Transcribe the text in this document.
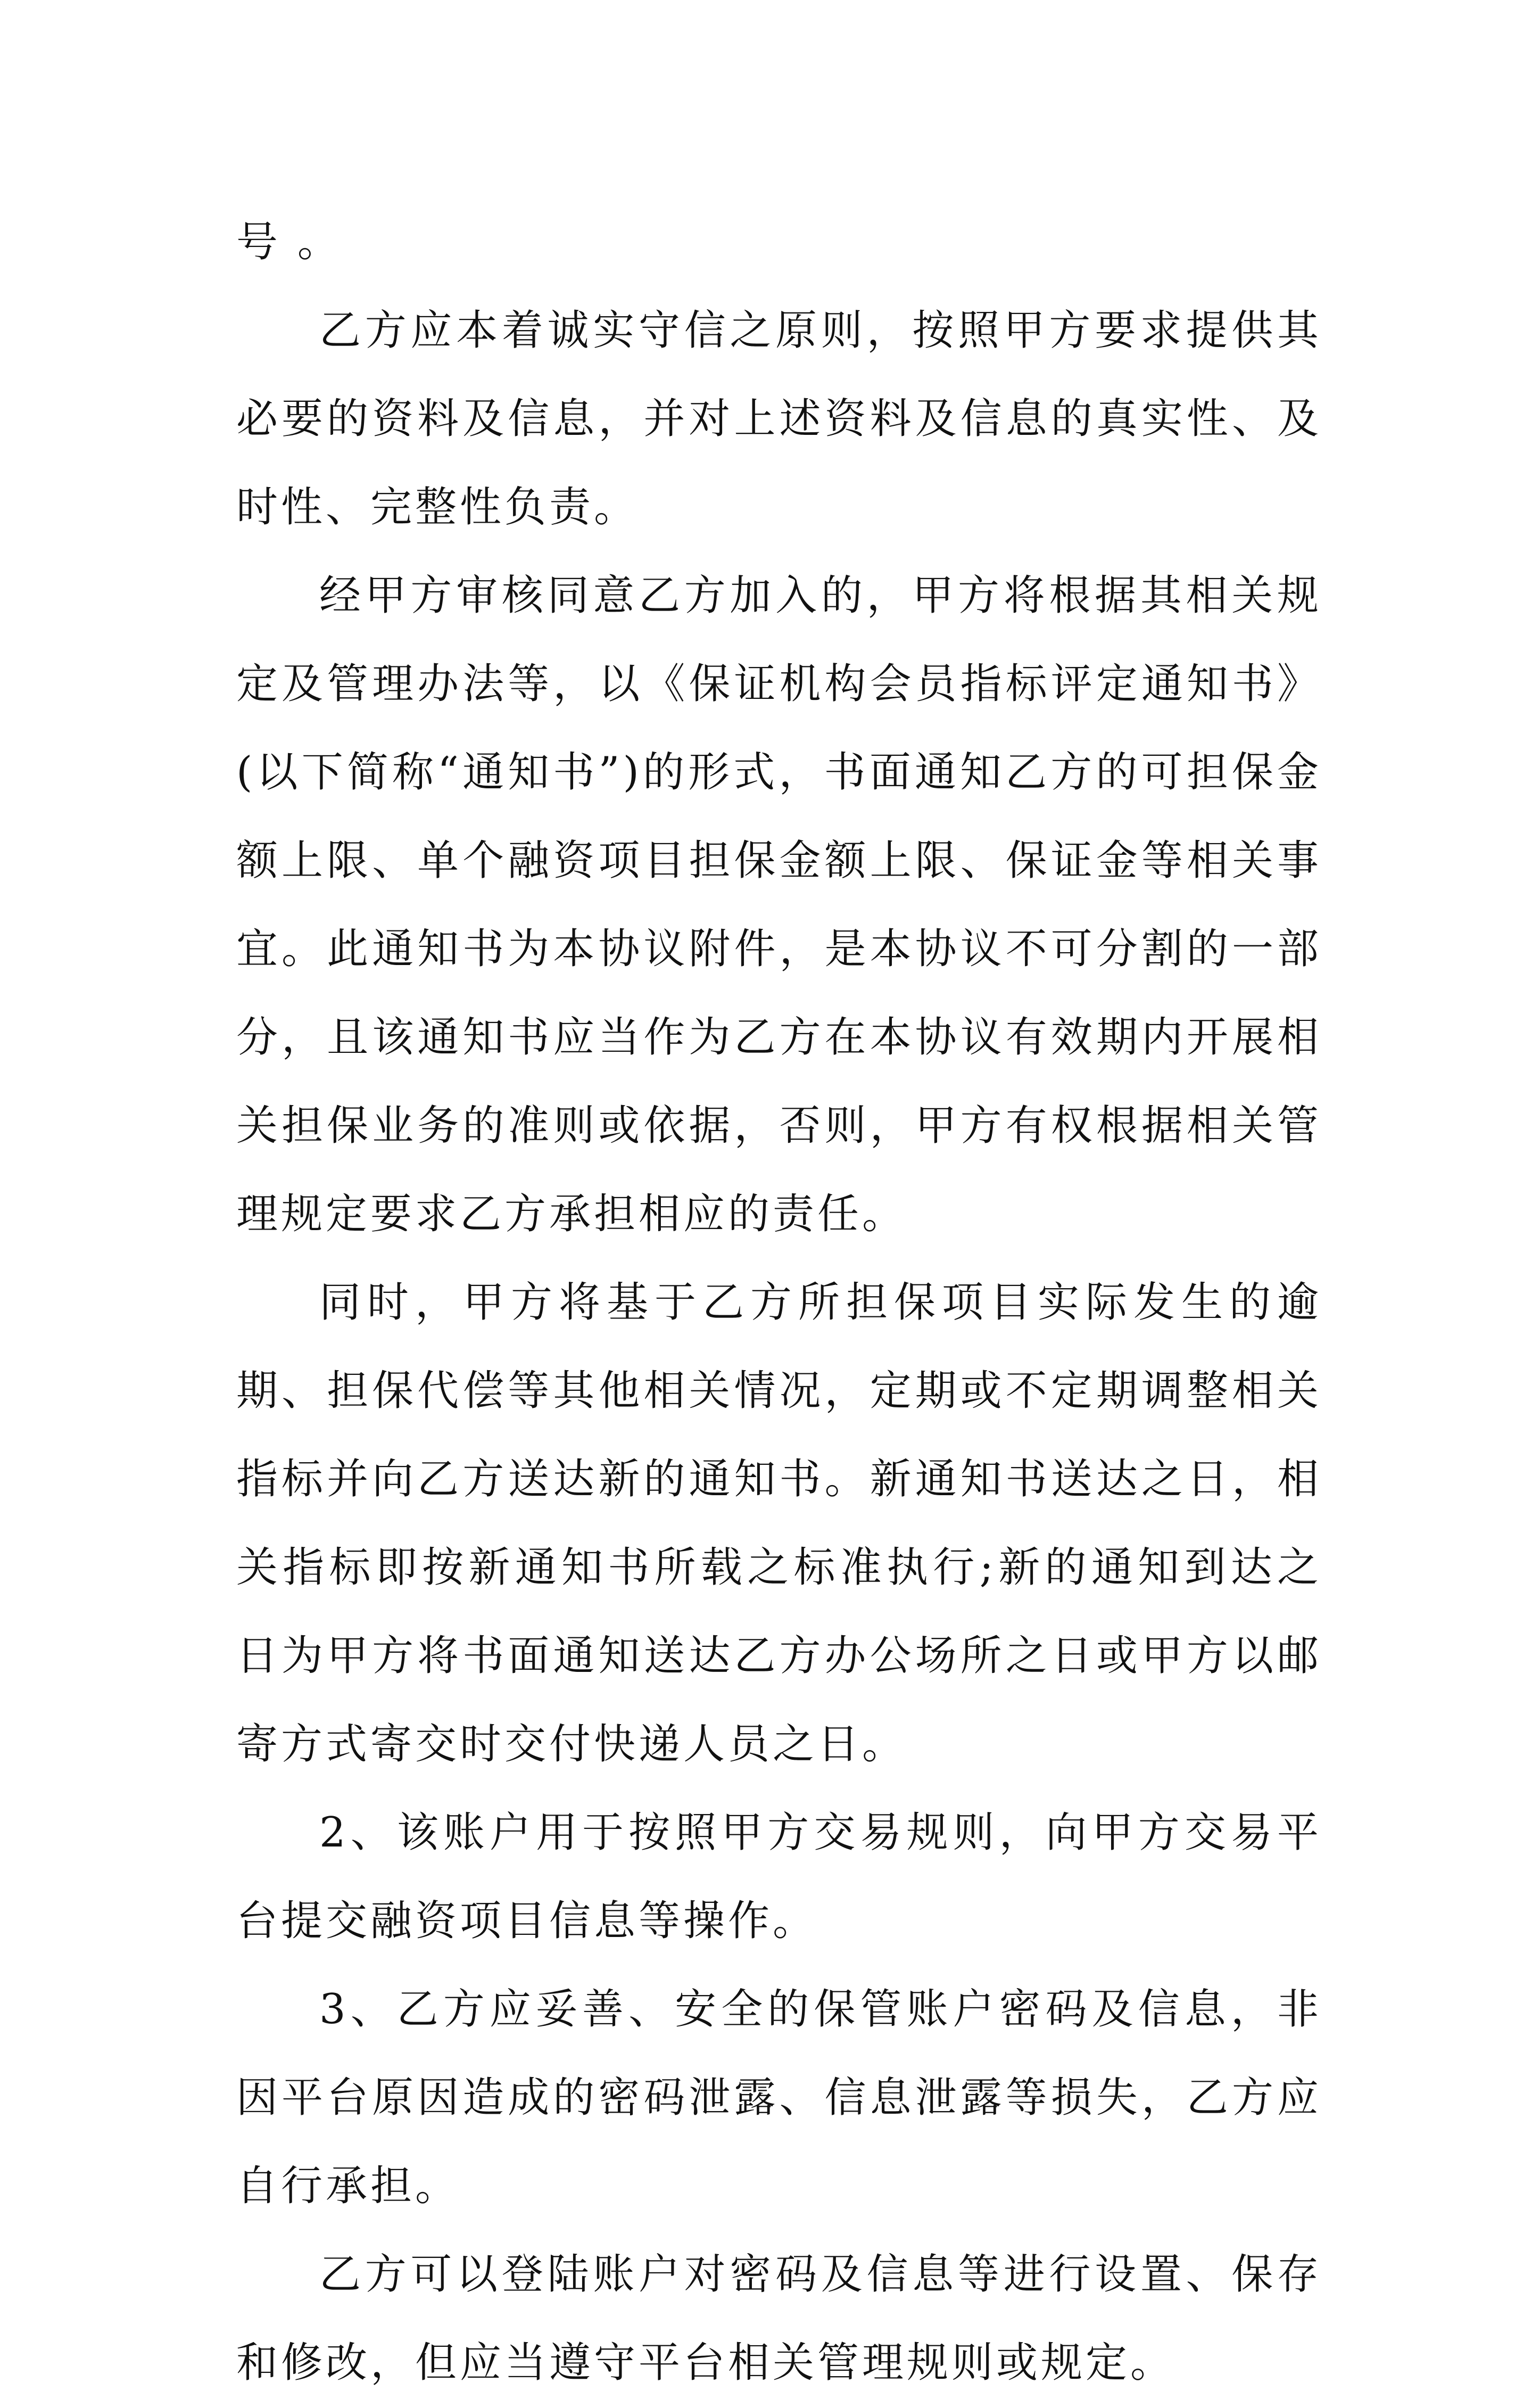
号 。

乙方应本着诚实守信之原则，按照甲方要求提供其必要的资料及信息，并对上述资料及信息的真实性、及时性、完整性负责。

经甲方审核同意乙方加入的，甲方将根据其相关规定及管理办法等，以《保证机构会员指标评定通知书》(以下简称“通知书”)的形式，书面通知乙方的可担保金额上限、单个融资项目担保金额上限、保证金等相关事宜。此通知书为本协议附件，是本协议不可分割的一部分，且该通知书应当作为乙方在本协议有效期内开展相关担保业务的准则或依据，否则，甲方有权根据相关管理规定要求乙方承担相应的责任。

同时，甲方将基于乙方所担保项目实际发生的逾期、担保代偿等其他相关情况，定期或不定期调整相关指标并向乙方送达新的通知书。新通知书送达之日，相关指标即按新通知书所载之标准执行;新的通知到达之日为甲方将书面通知送达乙方办公场所之日或甲方以邮寄方式寄交时交付快递人员之日。

2、该账户用于按照甲方交易规则，向甲方交易平台提交融资项目信息等操作。

3、乙方应妥善、安全的保管账户密码及信息，非因平台原因造成的密码泄露、信息泄露等损失，乙方应自行承担。

乙方可以登陆账户对密码及信息等进行设置、保存和修改，但应当遵守平台相关管理规则或规定。
